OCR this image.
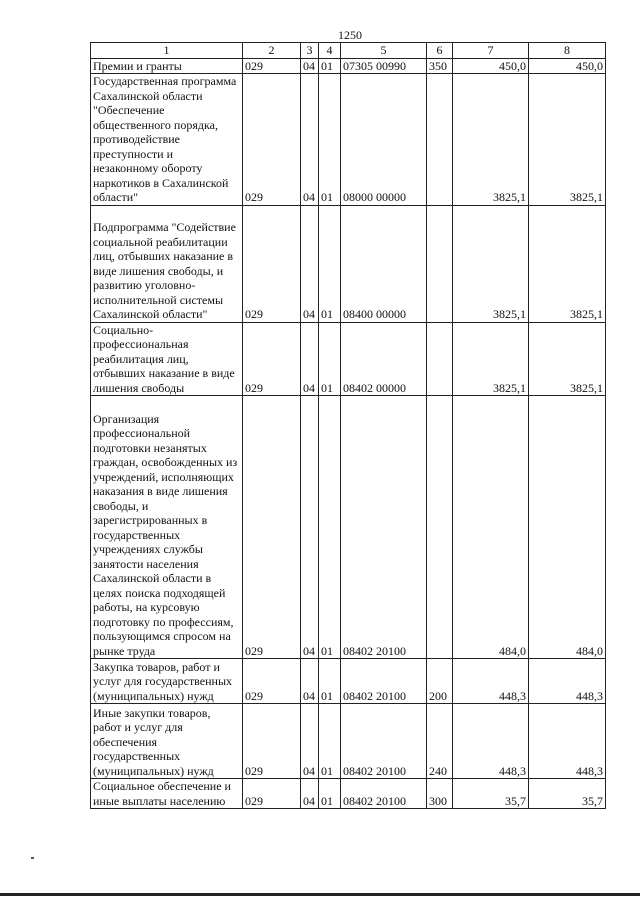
1250
1	2	3	4	5	6	7	8
Премии и гранты	029	04	01	07305 00990	350	450,0	450,0
Государственная программа Сахалинской области "Обеспечение общественного порядка, противодействие преступности и незаконному обороту наркотиков в Сахалинской области"	029	04	01	08000 00000		3825,1	3825,1
Подпрограмма "Содействие социальной реабилитации лиц, отбывших наказание в виде лишения свободы, и развитию уголовно-исполнительной системы Сахалинской области"	029	04	01	08400 00000		3825,1	3825,1
Социально-профессиональная реабилитация лиц, отбывших наказание в виде лишения свободы	029	04	01	08402 00000		3825,1	3825,1
Организация профессиональной подготовки незанятых граждан, освобожденных из учреждений, исполняющих наказания в виде лишения свободы, и зарегистрированных в государственных учреждениях службы занятости населения Сахалинской области в целях поиска подходящей работы, на курсовую подготовку по профессиям, пользующимся спросом на рынке труда	029	04	01	08402 20100		484,0	484,0
Закупка товаров, работ и услуг для государственных (муниципальных) нужд	029	04	01	08402 20100	200	448,3	448,3
Иные закупки товаров, работ и услуг для обеспечения государственных (муниципальных) нужд	029	04	01	08402 20100	240	448,3	448,3
Социальное обеспечение и иные выплаты населению	029	04	01	08402 20100	300	35,7	35,7
